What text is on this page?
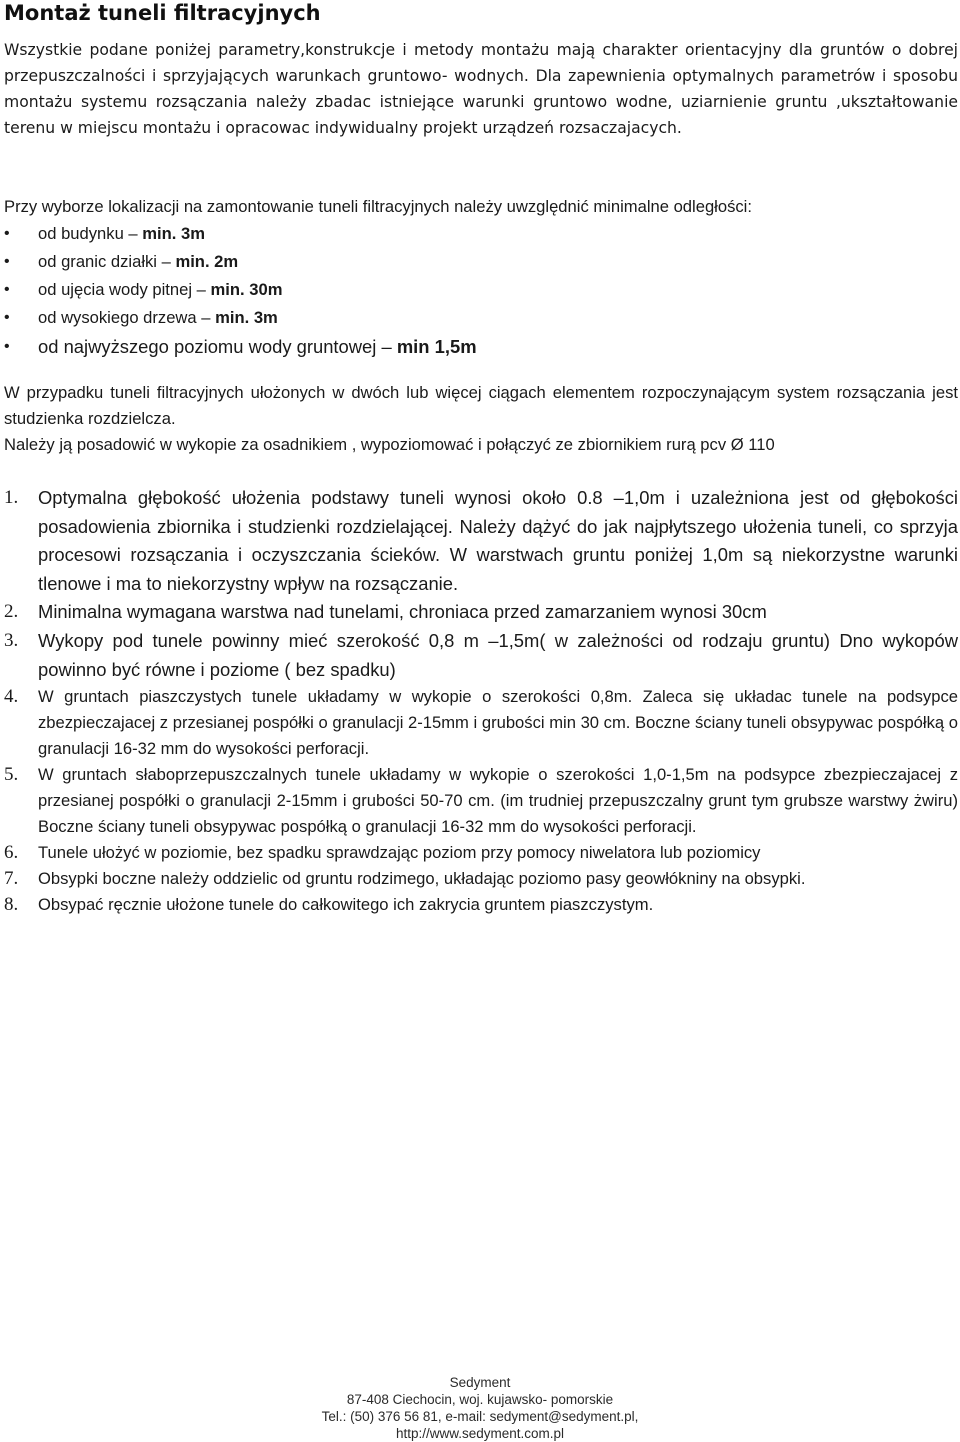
Montaż tuneli filtracyjnych
Wszystkie podane poniżej parametry,konstrukcje i metody montażu mają charakter orientacyjny dla gruntów o dobrej przepuszczalności i sprzyjających warunkach gruntowo- wodnych. Dla zapewnienia optymalnych parametrów i sposobu montażu systemu rozsączania należy zbadac istniejące warunki gruntowo wodne, uziarnienie gruntu ,ukształtowanie terenu w miejscu montażu i opracowac indywidualny projekt urządzeń rozsaczajacych.
Przy wyborze lokalizacji na zamontowanie tuneli filtracyjnych należy uwzględnić minimalne odległości:
• od budynku – min. 3m
• od granic działki – min. 2m
• od ujęcia wody pitnej – min. 30m
• od wysokiego drzewa – min. 3m
• od najwyższego poziomu wody gruntowej – min 1,5m
W przypadku tuneli filtracyjnych ułożonych w dwóch lub więcej ciągach elementem rozpoczynającym system rozsączania jest studzienka rozdzielcza.
Należy ją posadowić w wykopie za osadnikiem , wypoziomować i połączyć ze zbiornikiem rurą pcv Ø 110
1. Optymalna głębokość ułożenia podstawy tuneli wynosi około 0.8 –1,0m i uzależniona jest od głębokości posadowienia zbiornika i studzienki rozdzielającej. Należy dążyć do jak najpłytszego ułożenia tuneli, co sprzyja procesowi rozsączania i oczyszczania ścieków. W warstwach gruntu poniżej 1,0m są niekorzystne warunki tlenowe i ma to niekorzystny wpływ na rozsączanie.
2. Minimalna wymagana warstwa nad tunelami, chroniaca przed zamarzaniem wynosi 30cm
3. Wykopy pod tunele powinny mieć szerokość 0,8 m –1,5m( w zależności od rodzaju gruntu) Dno wykopów powinno być równe i poziome ( bez spadku)
4. W gruntach piaszczystych tunele układamy w wykopie o szerokości 0,8m. Zaleca się układac tunele na podsypce zbezpieczajacej z przesianej pospółki o granulacji 2-15mm i grubości min 30 cm. Boczne ściany tuneli obsypywac pospółką o granulacji 16-32 mm do wysokości perforacji.
5. W gruntach słaboprzepuszczalnych tunele układamy w wykopie o szerokości 1,0-1,5m na podsypce zbezpieczajacej z przesianej pospółki o granulacji 2-15mm i grubości 50-70 cm. (im trudniej przepuszczalny grunt tym grubsze warstwy żwiru) Boczne ściany tuneli obsypywac pospółką o granulacji 16-32 mm do wysokości perforacji.
6. Tunele ułożyć w poziomie, bez spadku sprawdzając poziom przy pomocy niwelatora lub poziomicy
7. Obsypki boczne należy oddzielic od gruntu rodzimego, układając poziomo pasy geowłókniny na obsypki.
8. Obsypać ręcznie ułożone tunele do całkowitego ich zakrycia gruntem piaszczystym.
Sedyment
87-408 Ciechocin, woj. kujawsko- pomorskie
Tel.: (50) 376 56 81, e-mail: sedyment@sedyment.pl,
http://www.sedyment.com.pl
